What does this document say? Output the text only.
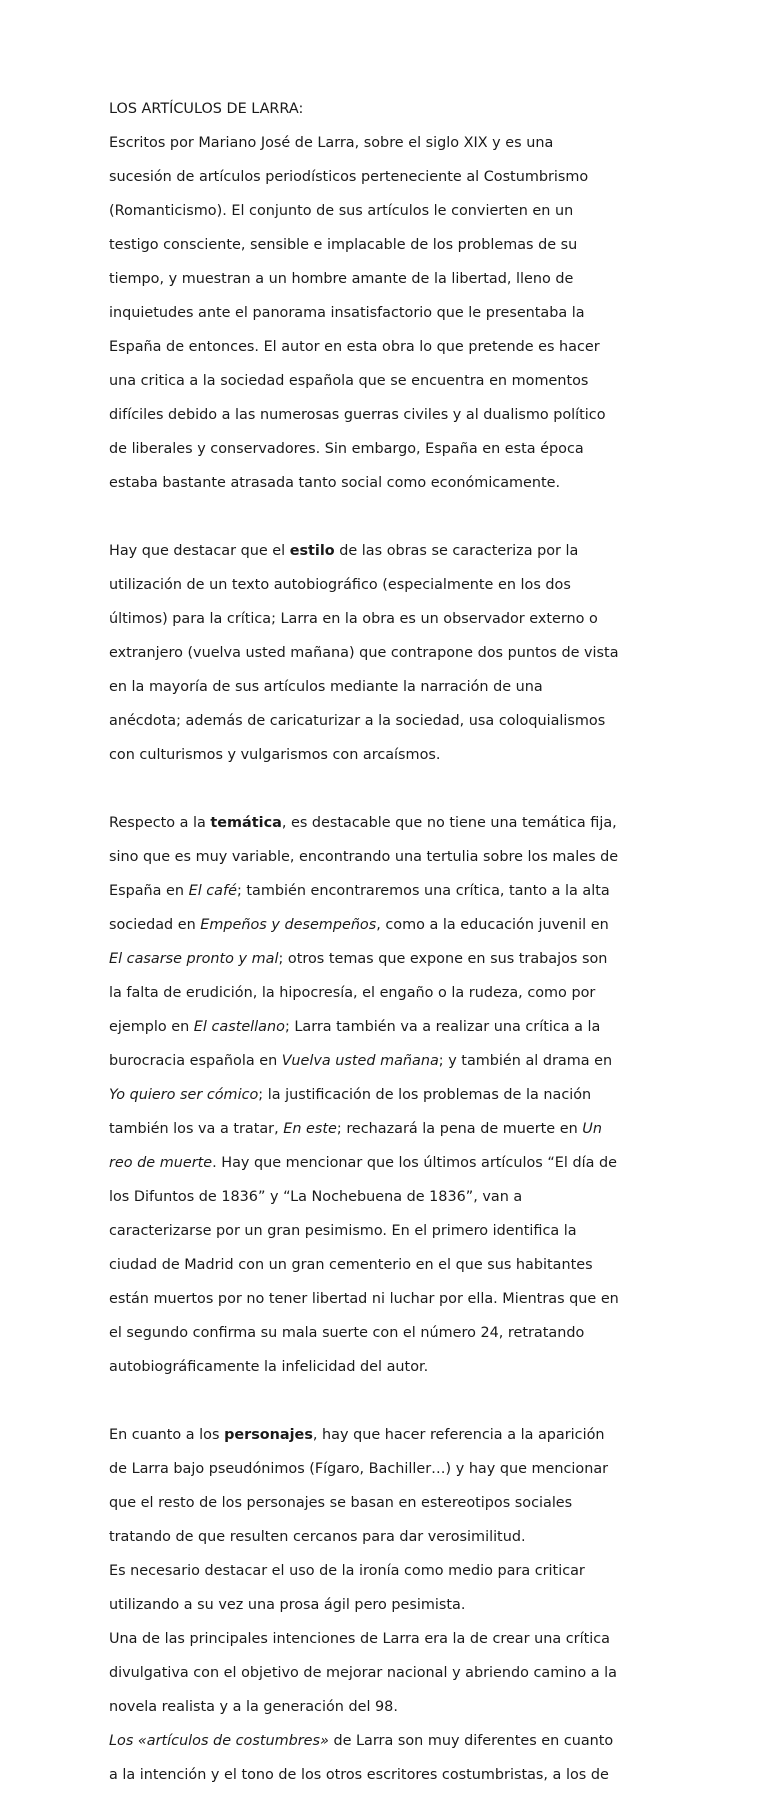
LOS ARTÍCULOS DE LARRA:

Escritos por Mariano José de Larra, sobre el siglo XIX y es una

sucesión de artículos periodísticos perteneciente al Costumbrismo

(Romanticismo). El conjunto de sus artículos le convierten en un

testigo consciente, sensible e implacable de los problemas de su

tiempo, y muestran a un hombre amante de la libertad, lleno de

inquietudes ante el panorama insatisfactorio que le presentaba la

España de entonces. El autor en esta obra lo que pretende es hacer

una critica a la sociedad española que se encuentra en momentos

difíciles debido a las numerosas guerras civiles y al dualismo político

de liberales y conservadores. Sin embargo, España en esta época

estaba bastante atrasada tanto social como económicamente.

Hay que destacar que el estilo de las obras se caracteriza por la

utilización de un texto autobiográfico (especialmente en los dos

últimos) para la crítica; Larra en la obra es un observador externo o

extranjero (vuelva usted mañana) que contrapone dos puntos de vista

en la mayoría de sus artículos mediante la narración de una

anécdota; además de caricaturizar a la sociedad, usa coloquialismos

con culturismos y vulgarismos con arcaísmos.

Respecto a la temática, es destacable que no tiene una temática fija,

sino que es muy variable, encontrando una tertulia sobre los males de

España en El café; también encontraremos una crítica, tanto a la alta

sociedad en Empeños y desempeños, como a la educación juvenil en

El casarse pronto y mal; otros temas que expone en sus trabajos son

la falta de erudición, la hipocresía, el engaño o la rudeza, como por

ejemplo en El castellano; Larra también va a realizar una crítica a la

burocracia española en Vuelva usted mañana; y también al drama en

Yo quiero ser cómico; la justificación de los problemas de la nación

también los va a tratar, En este; rechazará la pena de muerte en Un

reo de muerte. Hay que mencionar que los últimos artículos “El día de

los Difuntos de 1836” y “La Nochebuena de 1836”, van a

caracterizarse por un gran pesimismo. En el primero identifica la

ciudad de Madrid con un gran cementerio en el que sus habitantes

están muertos por no tener libertad ni luchar por ella. Mientras que en

el segundo confirma su mala suerte con el número 24, retratando

autobiográficamente la infelicidad del autor.

En cuanto a los personajes, hay que hacer referencia a la aparición

de Larra bajo pseudónimos (Fígaro, Bachiller…) y hay que mencionar

que el resto de los personajes se basan en estereotipos sociales

tratando de que resulten cercanos para dar verosimilitud.

Es necesario destacar el uso de la ironía como medio para criticar

utilizando a su vez una prosa ágil pero pesimista.

Una de las principales intenciones de Larra era la de crear una crítica

divulgativa con el objetivo de mejorar nacional y abriendo camino a la

novela realista y a la generación del 98.

Los «artículos de costumbres» de Larra son muy diferentes en cuanto

a la intención y el tono de los otros escritores costumbristas, a los de
